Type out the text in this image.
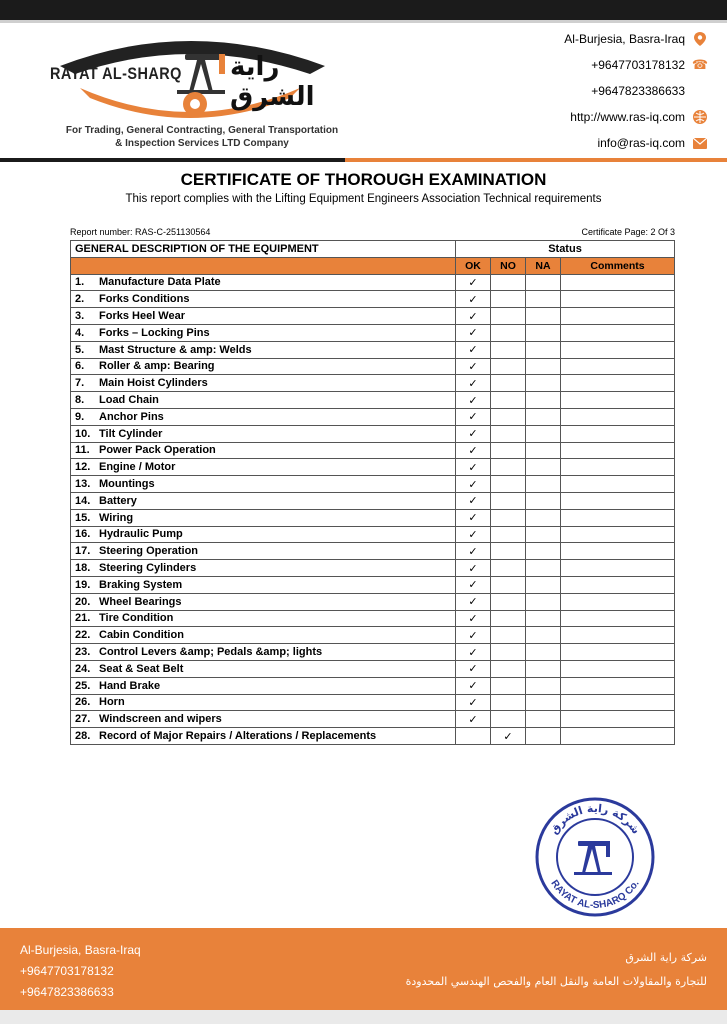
RAYAT AL-SHARQ راية الشرق
For Trading, General Contracting, General Transportation
& Inspection Services LTD Company
Al-Burjesia, Basra-Iraq
+9647703178132 ☎
+9647823386633
http://www.ras-iq.com
info@ras-iq.com
CERTIFICATE OF THOROUGH EXAMINATION
This report complies with the Lifting Equipment Engineers Association Technical requirements
Report number: RAS-C-251130564	Certificate Page: 2 Of 3
GENERAL DESCRIPTION OF THE EQUIPMENT	Status			
	OK	NO	NA	Comments
1. Manufacture Data Plate	✓			
2. Forks Conditions	✓			
3. Forks Heel Wear	✓			
4. Forks – Locking Pins	✓			
5. Mast Structure & amp: Welds	✓			
6. Roller & amp: Bearing	✓			
7. Main Hoist Cylinders	✓			
8. Load Chain	✓			
9. Anchor Pins	✓			
10. Tilt Cylinder	✓			
11. Power Pack Operation	✓			
12. Engine / Motor	✓			
13. Mountings	✓			
14. Battery	✓			
15. Wiring	✓			
16. Hydraulic Pump	✓			
17. Steering Operation	✓			
18. Steering Cylinders	✓			
19. Braking System	✓			
20. Wheel Bearings	✓			
21. Tire Condition	✓			
22. Cabin Condition	✓			
23. Control Levers &amp; Pedals &amp; lights	✓			
24. Seat & Seat Belt	✓			
25. Hand Brake	✓			
26. Horn	✓			
27. Windscreen and wipers	✓			
28. Record of Major Repairs / Alterations / Replacements		✓		
شركة راية الشرق
RAYAT AL-SHARQ Co.
Al-Burjesia, Basra-Iraq
+9647703178132
+9647823386633
شركة راية الشرق
للتجارة والمقاولات العامة والنقل العام والفحص الهندسي المحدودة
